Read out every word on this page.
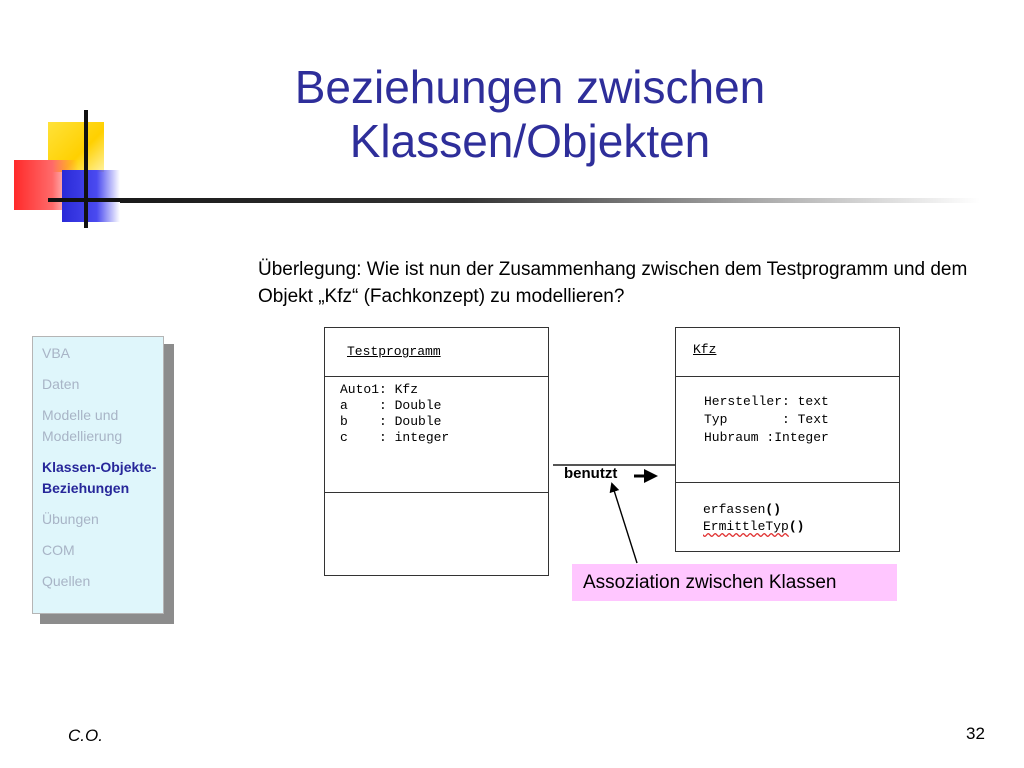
Beziehungen zwischen Klassen/Objekten
VBA
Daten
Modelle und Modellierung
Klassen-Objekte-Beziehungen
Übungen
COM
Quellen
Überlegung: Wie ist nun der Zusammenhang zwischen dem Testprogramm und dem Objekt „Kfz“ (Fachkonzept) zu modellieren?
Testprogramm
Auto1: Kfz
a    : Double
b    : Double
c    : integer
Kfz
Hersteller: text
Typ       : Text
Hubraum :Integer
erfassen()
ErmittleTyp()
benutzt
Assoziation zwischen Klassen
C.O.	32
